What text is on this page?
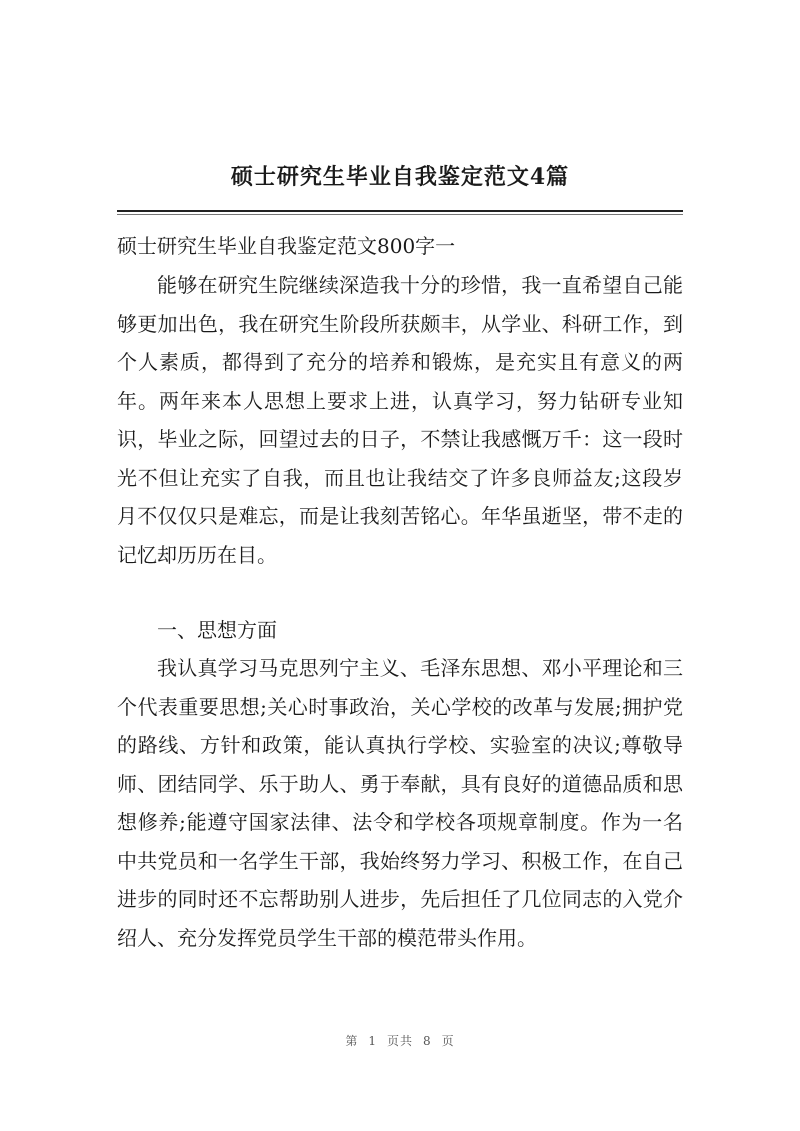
硕士研究生毕业自我鉴定范文4篇
硕士研究生毕业自我鉴定范文800字一

能够在研究生院继续深造我十分的珍惜，我一直希望自己能够更加出色，我在研究生阶段所获颇丰，从学业、科研工作，到个人素质，都得到了充分的培养和锻炼，是充实且有意义的两年。两年来本人思想上要求上进，认真学习，努力钻研专业知识，毕业之际，回望过去的日子，不禁让我感慨万千：这一段时光不但让充实了自我，而且也让我结交了许多良师益友;这段岁月不仅仅只是难忘，而是让我刻苦铭心。年华虽逝坚，带不走的记忆却历历在目。

一、思想方面

我认真学习马克思列宁主义、毛泽东思想、邓小平理论和三个代表重要思想;关心时事政治，关心学校的改革与发展;拥护党的路线、方针和政策，能认真执行学校、实验室的决议;尊敬导师、团结同学、乐于助人、勇于奉献，具有良好的道德品质和思想修养;能遵守国家法律、法令和学校各项规章制度。作为一名中共党员和一名学生干部，我始终努力学习、积极工作，在自己进步的同时还不忘帮助别人进步，先后担任了几位同志的入党介绍人、充分发挥党员学生干部的模范带头作用。

第 1 页共 8 页
